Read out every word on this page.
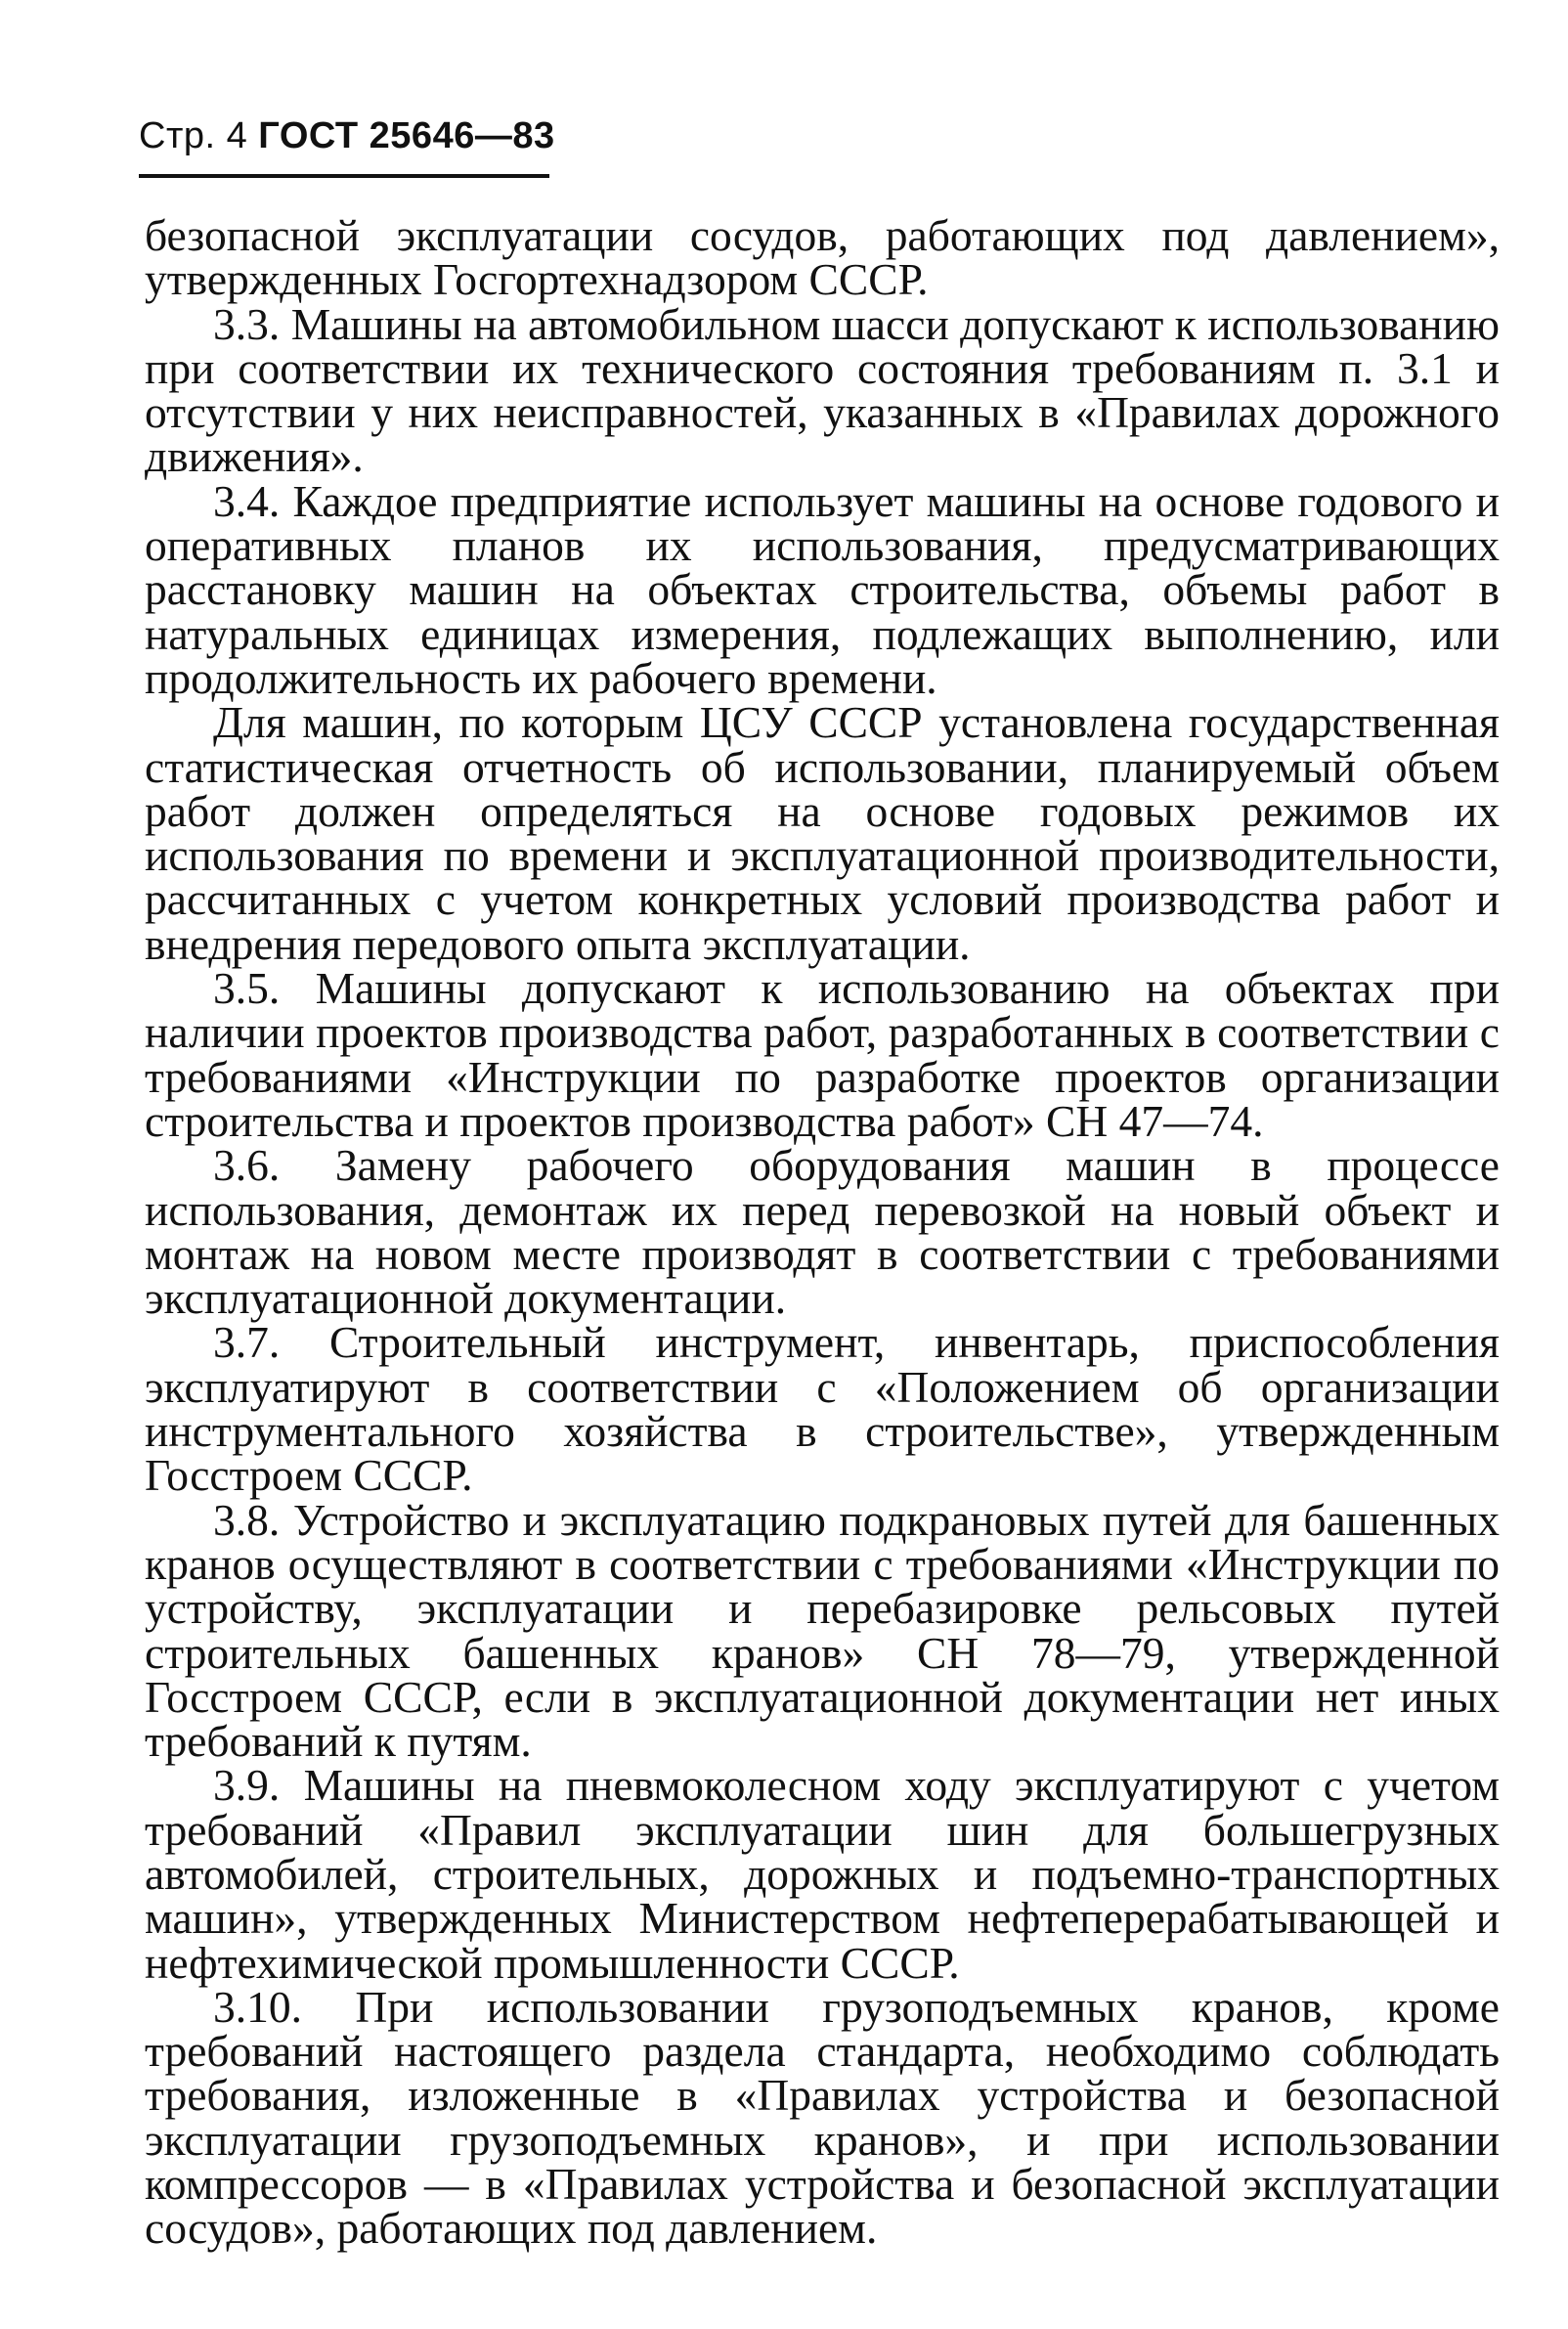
Стр. 4 ГОСТ 25646—83

безопасной эксплуатации сосудов, работающих под давлением», утвержденных Госгортехнадзором СССР.

3.3. Машины на автомобильном шасси допускают к использованию при соответствии их технического состояния требованиям п. 3.1 и отсутствии у них неисправностей, указанных в «Правилах дорожного движения».

3.4. Каждое предприятие использует машины на основе годового и оперативных планов их использования, предусматривающих расстановку машин на объектах строительства, объемы работ в натуральных единицах измерения, подлежащих выполнению, или продолжительность их рабочего времени.

Для машин, по которым ЦСУ СССР установлена государственная статистическая отчетность об использовании, планируемый объем работ должен определяться на основе годовых режимов их использования по времени и эксплуатационной производительности, рассчитанных с учетом конкретных условий производства работ и внедрения передового опыта эксплуатации.

3.5. Машины допускают к использованию на объектах при наличии проектов производства работ, разработанных в соответствии с требованиями «Инструкции по разработке проектов организации строительства и проектов производства работ» СН 47—74.

3.6. Замену рабочего оборудования машин в процессе использования, демонтаж их перед перевозкой на новый объект и монтаж на новом месте производят в соответствии с требованиями эксплуатационной документации.

3.7. Строительный инструмент, инвентарь, приспособления эксплуатируют в соответствии с «Положением об организации инструментального хозяйства в строительстве», утвержденным Госстроем СССР.

3.8. Устройство и эксплуатацию подкрановых путей для башенных кранов осуществляют в соответствии с требованиями «Инструкции по устройству, эксплуатации и перебазировке рельсовых путей строительных башенных кранов» СН 78—79, утвержденной Госстроем СССР, если в эксплуатационной документации нет иных требований к путям.

3.9. Машины на пневмоколесном ходу эксплуатируют с учетом требований «Правил эксплуатации шин для большегрузных автомобилей, строительных, дорожных и подъемно-транспортных машин», утвержденных Министерством нефтеперерабатывающей и нефтехимической промышленности СССР.

3.10. При использовании грузоподъемных кранов, кроме требований настоящего раздела стандарта, необходимо соблюдать требования, изложенные в «Правилах устройства и безопасной эксплуатации грузоподъемных кранов», и при использовании компрессоров — в «Правилах устройства и безопасной эксплуатации сосудов», работающих под давлением.
